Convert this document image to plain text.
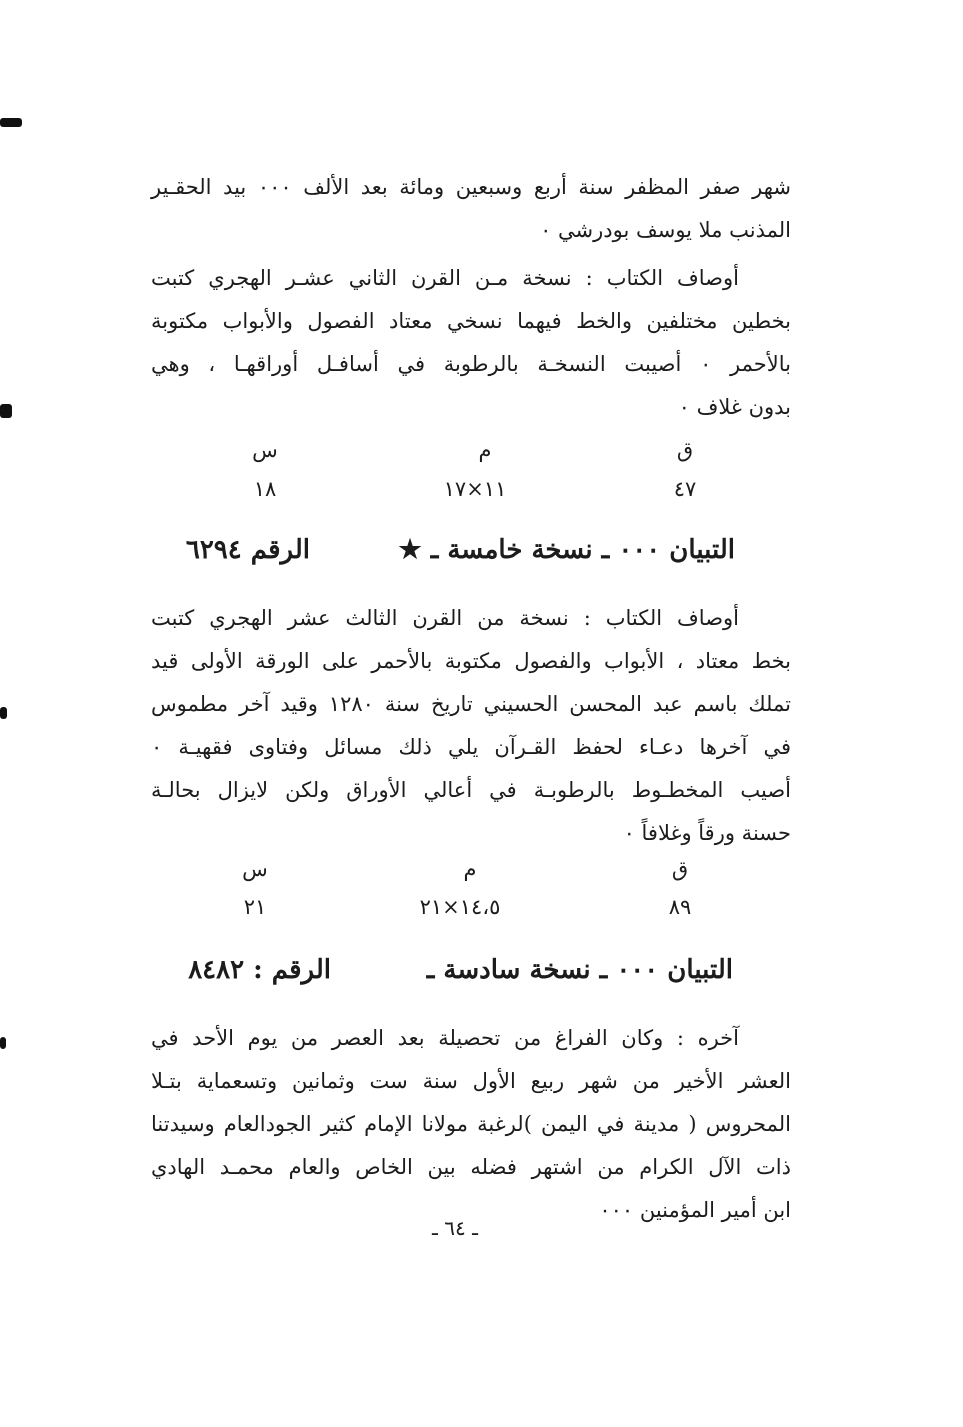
شهر صفر المظفر سنة أربع وسبعين ومائة بعد الألف ٠٠٠ بيد الحقـير
المذنب ملا يوسف بودرشي ٠
أوصاف الكتاب : نسخة مـن القرن الثاني عشـر الهجري كتبت
بخطين مختلفين والخط فيهما نسخي معتاد الفصول والأبواب مكتوبة
بالأحمر ٠ أصيبت النسخـة بالرطوبة في أسافـل أوراقهـا ، وهي
بدون غلاف ٠
ق
م
س
٤٧
١١×١٧
١٨
التبيان ٠٠٠ ـ نسخة خامسة ـ ★
الرقم ٦٢٩٤
أوصاف الكتاب : نسخة من القرن الثالث عشر الهجري كتبت
بخط معتاد ، الأبواب والفصول مكتوبة بالأحمر على الورقة الأولى قيد
تملك باسم عبد المحسن الحسيني تاريخ سنة ١٢٨٠ وقيد آخر مطموس
في آخرها دعـاء لحفظ القـرآن يلي ذلك مسائل وفتاوى فقهيـة ٠
أصيب المخطـوط بالرطوبـة في أعالي الأوراق ولكن لايزال بحالـة
حسنة ورقاً وغلافاً ٠
ق
م
س
٨٩
١٤،٥×٢١
٢١
التبيان ٠٠٠ ـ نسخة سادسة ـ
الرقم : ٨٤٨٢
آخره : وكان الفراغ من تحصيلة بعد العصر من يوم الأحد في
العشر الأخير من شهر ربيع الأول سنة ست وثمانين وتسعماية بتـلا
المحروس ( مدينة في اليمن )لرغبة مولانا الإمام كثير الجودالعام وسيدتنا
ذات الآل الكرام من اشتهر فضله بين الخاص والعام محمـد الهادي
ابن أمير المؤمنين ٠٠٠
ـ ٦٤ ـ
